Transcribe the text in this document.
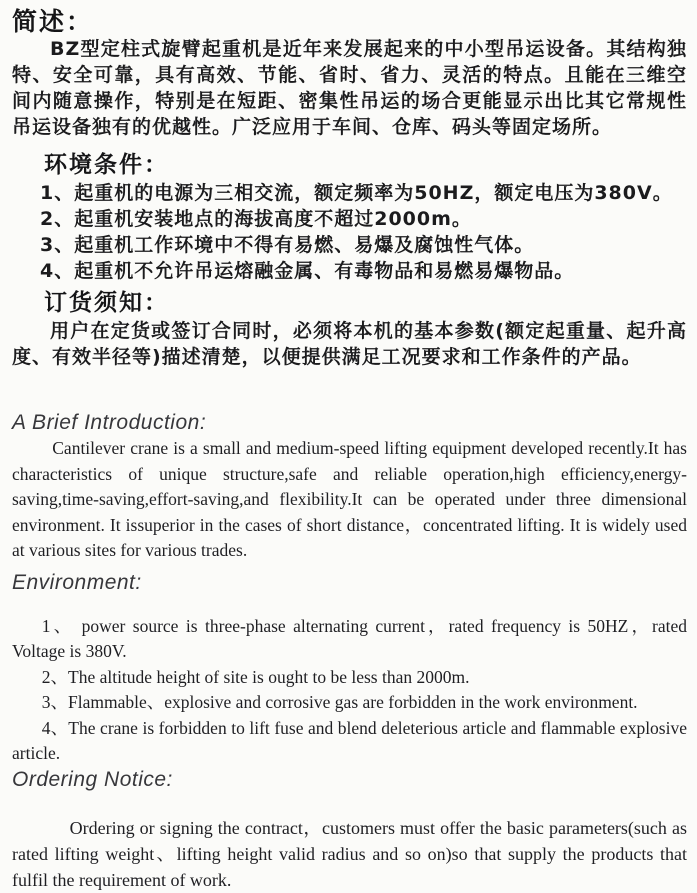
简述：

BZ型定柱式旋臂起重机是近年来发展起来的中小型吊运设备。其结构独特、安全可靠，具有高效、节能、省时、省力、灵活的特点。且能在三维空间内随意操作，特别是在短距、密集性吊运的场合更能显示出比其它常规性吊运设备独有的优越性。广泛应用于车间、仓库、码头等固定场所。

环境条件：
1、起重机的电源为三相交流，额定频率为50HZ，额定电压为380V。
2、起重机安装地点的海拔高度不超过2000m。
3、起重机工作环境中不得有易燃、易爆及腐蚀性气体。
4、起重机不允许吊运熔融金属、有毒物品和易燃易爆物品。
订货须知：

用户在定货或签订合同时，必须将本机的基本参数(额定起重量、起升高度、有效半径等)描述清楚，以便提供满足工况要求和工作条件的产品。

A Brief Introduction:

Cantilever crane is a small and medium-speed lifting equipment developed recently.It has characteristics of unique structure,safe and reliable operation,high efficiency,energy-saving,time-saving,effort-saving,and flexibility.It can be operated under three dimensional environment. It issuperior in the cases of short distance，concentrated lifting. It is widely used at various sites for various trades.

Environment:

1、 power source is three-phase alternating current，rated frequency is 50HZ，rated Voltage is 380V.

2、The altitude height of site is ought to be less than 2000m.

3、Flammable、explosive and corrosive gas are forbidden in the work environment.

4、The crane is forbidden to lift fuse and blend deleterious article and flammable explosive article.

Ordering Notice:

Ordering or signing the contract，customers must offer the basic parameters(such as rated lifting weight、lifting height valid radius and so on)so that supply the products that fulfil the requirement of work.
